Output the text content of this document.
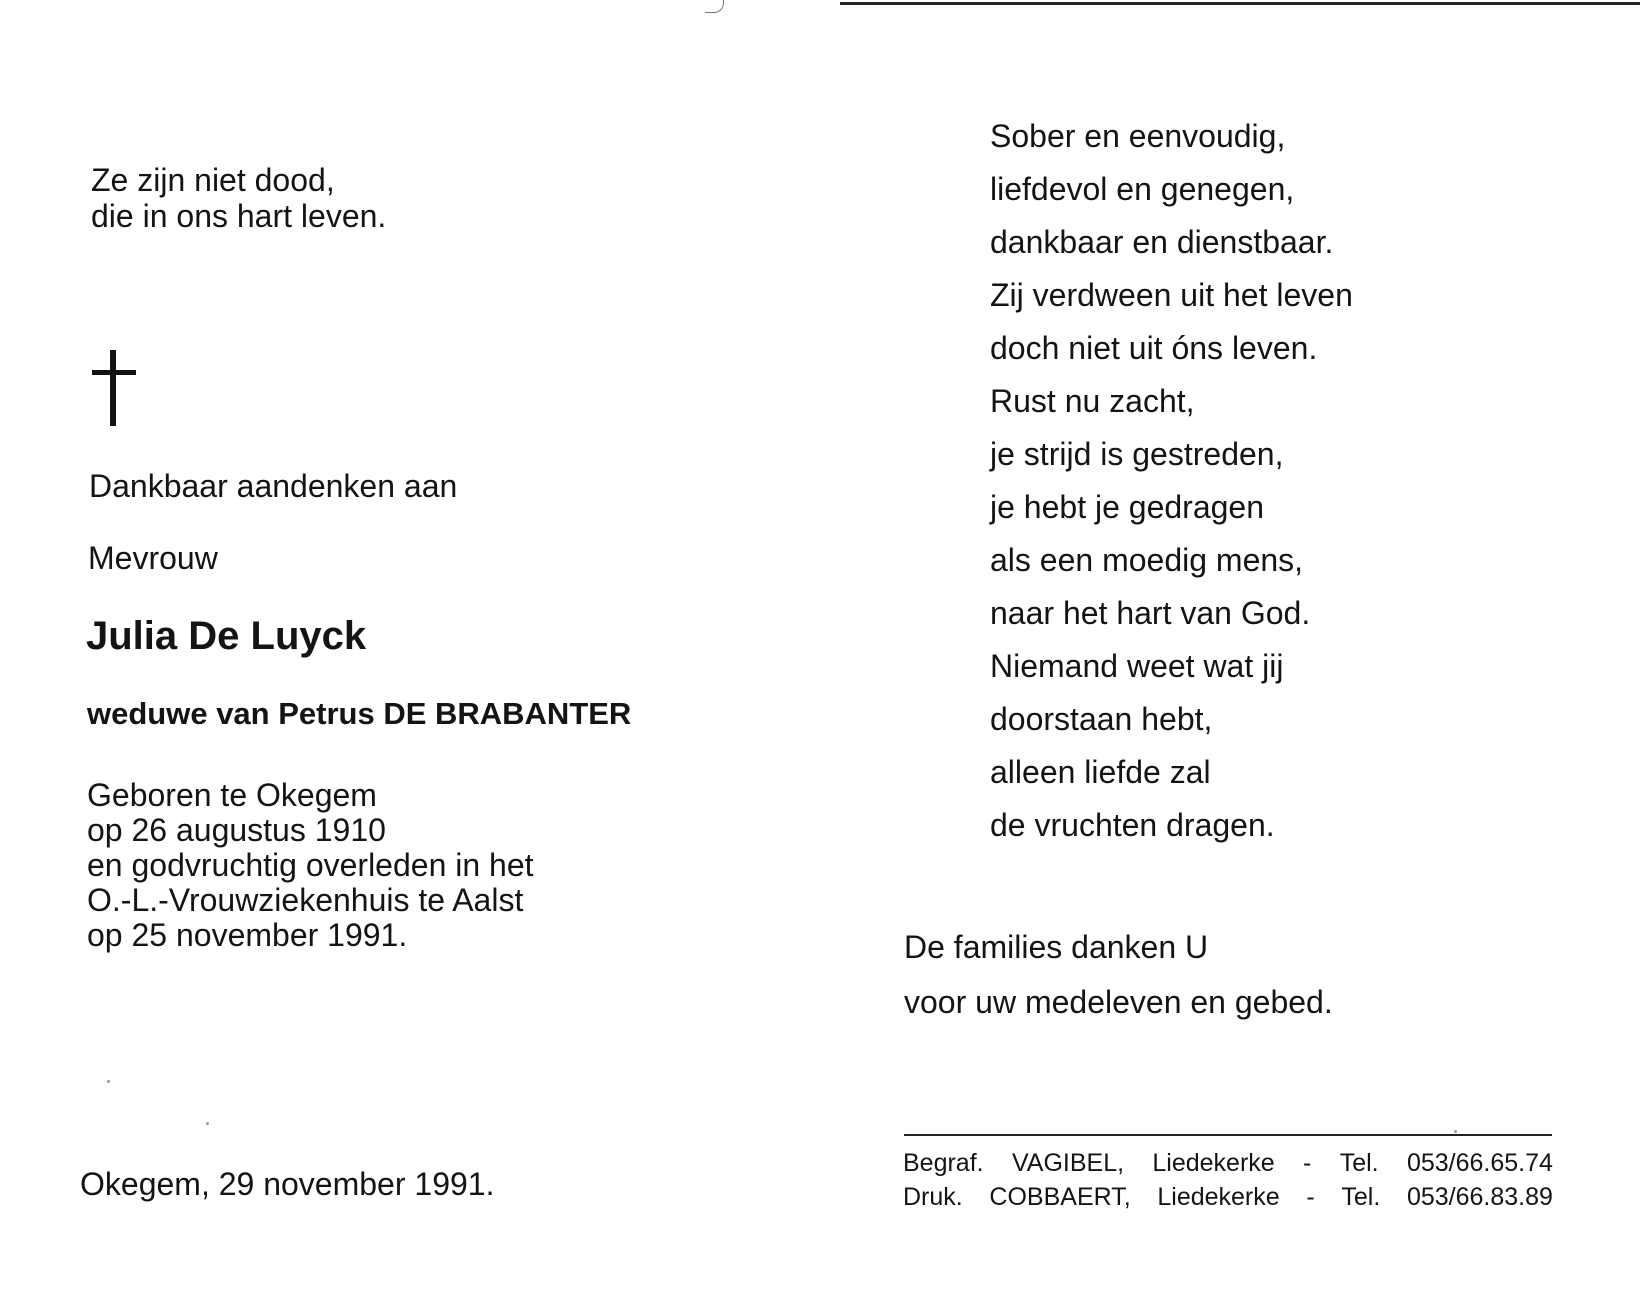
Ze zijn niet dood,
die in ons hart leven.
Dankbaar aandenken aan
Mevrouw
Julia De Luyck
weduwe van Petrus DE BRABANTER
Geboren te Okegem
op 26 augustus 1910
en godvruchtig overleden in het
O.-L.-Vrouwziekenhuis te Aalst
op 25 november 1991.
Okegem, 29 november 1991.
Sober en eenvoudig,
liefdevol en genegen,
dankbaar en dienstbaar.
Zij verdween uit het leven
doch niet uit óns leven.
Rust nu zacht,
je strijd is gestreden,
je hebt je gedragen
als een moedig mens,
naar het hart van God.
Niemand weet wat jij
doorstaan hebt,
alleen liefde zal
de vruchten dragen.
De families danken U
voor uw medeleven en gebed.
Begraf. VAGIBEL, Liedekerke - Tel. 053/66.65.74
Druk. COBBAERT, Liedekerke - Tel. 053/66.83.89
